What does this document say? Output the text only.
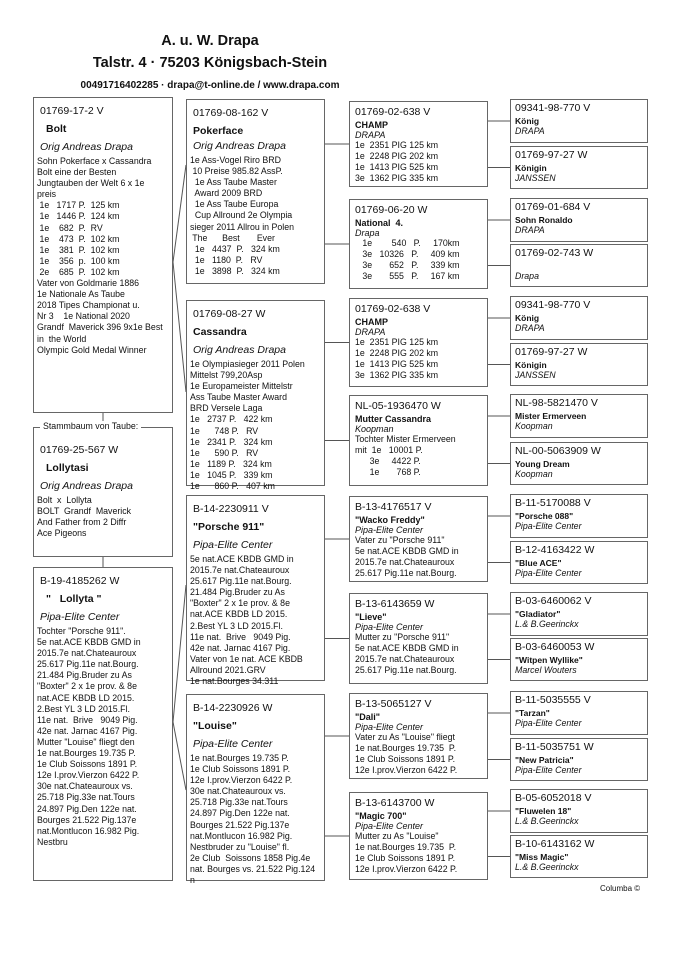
A. u. W. Drapa
Talstr. 4 · 75203 Königsbach-Stein
00491716402285 · drapa@t-online.de / www.drapa.com
01769-17-2 V
Bolt
Orig Andreas Drapa
Sohn Pokerface x Cassandra
Bolt eine der Besten
Jungtauben der Welt 6 x 1e
preis
1e   1717 P.  125 km
1e   1446 P.  124 km
1e    682  P.  RV
1e    473  P.  102 km
1e    381  P.  102 km
1e    356  p.  100 km
2e    685  P.  102 km
Vater von Goldmarie 1886
1e Nationale As Taube
2018 Tipes Championat u.
Nr 3    1e National 2020
Grandf  Maverick 396 9x1e Best
in  the World
Olympic Gold Medal Winner
B-19-4185262 W
"   Lollyta "
Pipa-Elite Center
Tochter "Porsche 911".
5e nat.ACE KBDB GMD in
2015.7e nat.Chateauroux
25.617 Pig.11e nat.Bourg.
21.484 Pig.Bruder zu As
"Boxter" 2 x 1e prov. & 8e
nat.ACE KBDB LD 2015.
2.Best YL 3 LD 2015.Fl.
11e nat.  Brive   9049 Pig.
42e nat. Jarnac 4167 Pig.
Mutter "Louise" fliegt den
1e nat.Bourges 19.735 P.
1e Club Soissons 1891 P.
12e I.prov.Vierzon 6422 P.
30e nat.Chateauroux vs.
25.718 Pig.33e nat.Tours
24.897 Pig.Den 122e nat.
Bourges 21.522 Pig.137e
nat.Montlucon 16.982 Pig.
Nestbru
01769-25-567 W
Lollytasi
Orig Andreas Drapa
Bolt  x  Lollyta
BOLT  Grandf  Maverick
And Father from 2 Diffr
Ace Pigeons
Stammbaum von Taube:
01769-08-162 V
Pokerface
Orig Andreas Drapa
1e Ass-Vogel Riro BRD
10 Preise 985.82 AssP.
1e Ass Taube Master
Award 2009 BRD
1e Ass Taube Europa
Cup Allround 2e Olympia
sieger 2011 Allrou in Polen
The      Best       Ever
1e   4437  P.   324 km
1e   1180  P.   RV
1e   3898  P.   324 km
01769-08-27 W
Cassandra
Orig Andreas Drapa
1e Olympiasieger 2011 Polen
Mittelst 799,20Asp
1e Europameister Mittelstr
Ass Taube Master Award
BRD Versele Laga
1e   2737 P.   422 km
1e      748 P.   RV
1e   2341 P.   324 km
1e      590 P.   RV
1e   1189 P.   324 km
1e   1045 P.   339 km
1e      860 P.   407 km
B-14-2230911 V
"Porsche 911"
Pipa-Elite Center
5e nat.ACE KBDB GMD in
2015.7e nat.Chateauroux
25.617 Pig.11e nat.Bourg.
21.484 Pig.Bruder zu As
"Boxter" 2 x 1e prov. & 8e
nat.ACE KBDB LD 2015.
2.Best YL 3 LD 2015.Fl.
11e nat.  Brive   9049 Pig.
42e nat. Jarnac 4167 Pig.
Vater von 1e nat. ACE KBDB
Allround 2021.GRV
1e nat.Bourges 34.311
B-14-2230926 W
"Louise"
Pipa-Elite Center
1e nat.Bourges 19.735 P.
1e Club Soissons 1891 P.
12e I.prov.Vierzon 6422 P.
30e nat.Chateauroux vs.
25.718 Pig.33e nat.Tours
24.897 Pig.Den 122e nat.
Bourges 21.522 Pig.137e
nat.Montlucon 16.982 Pig.
Nestbruder zu "Louise" fl.
2e Club  Soissons 1858 Pig.4e
nat. Bourges vs. 21.522 Pig.124
n
01769-02-638 V
CHAMP
DRAPA
1e  2351 PIG 125 km
1e  2248 PIG 202 km
1e  1413 PIG 525 km
3e  1362 PIG 335 km
01769-06-20 W
National  4.
Drapa
1e        540   P.     170km
3e   10326   P.     409 km
3e       652   P.     339 km
3e       555   P.     167 km
01769-02-638 V
CHAMP
DRAPA
1e  2351 PIG 125 km
1e  2248 PIG 202 km
1e  1413 PIG 525 km
3e  1362 PIG 335 km
NL-05-1936470 W
Mutter Cassandra
Koopman
Tochter Mister Ermerveen
mit  1e   10001 P.
3e     4422 P.
1e       768 P.
B-13-4176517 V
"Wacko Freddy"
Pipa-Elite Center
Vater zu "Porsche 911"
5e nat.ACE KBDB GMD in
2015.7e nat.Chateauroux
25.617 Pig.11e nat.Bourg.
B-13-6143659 W
"Lieve"
Pipa-Elite Center
Mutter zu "Porsche 911"
5e nat.ACE KBDB GMD in
2015.7e nat.Chateauroux
25.617 Pig.11e nat.Bourg.
B-13-5065127 V
"Dali"
Pipa-Elite Center
Vater zu As "Louise" fliegt
1e nat.Bourges 19.735  P.
1e Club Soissons 1891 P.
12e I.prov.Vierzon 6422 P.
B-13-6143700 W
"Magic 700"
Pipa-Elite Center
Mutter zu As "Louise"
1e nat.Bourges 19.735  P.
1e Club Soissons 1891 P.
12e I.prov.Vierzon 6422 P.
09341-98-770 V
König
DRAPA
01769-97-27 W
Königin
JANSSEN
01769-01-684 V
Sohn Ronaldo
DRAPA
01769-02-743 W

Drapa
09341-98-770 V
König
DRAPA
01769-97-27 W
Königin
JANSSEN
NL-98-5821470 V
Mister Ermerveen
Koopman
NL-00-5063909 W
Young Dream
Koopman
B-11-5170088 V
"Porsche 088"
Pipa-Elite Center
B-12-4163422 W
"Blue ACE"
Pipa-Elite Center
B-03-6460062 V
"Gladiator"
L.& B.Geerinckx
B-03-6460053 W
"Witpen Wyllike"
Marcel Wouters
B-11-5035555 V
"Tarzan"
Pipa-Elite Center
B-11-5035751 W
"New Patricia"
Pipa-Elite Center
B-05-6052018 V
"Fluwelen 18"
L.& B.Geerinckx
B-10-6143162 W
"Miss Magic"
L.& B.Geerinckx
Columba ©
